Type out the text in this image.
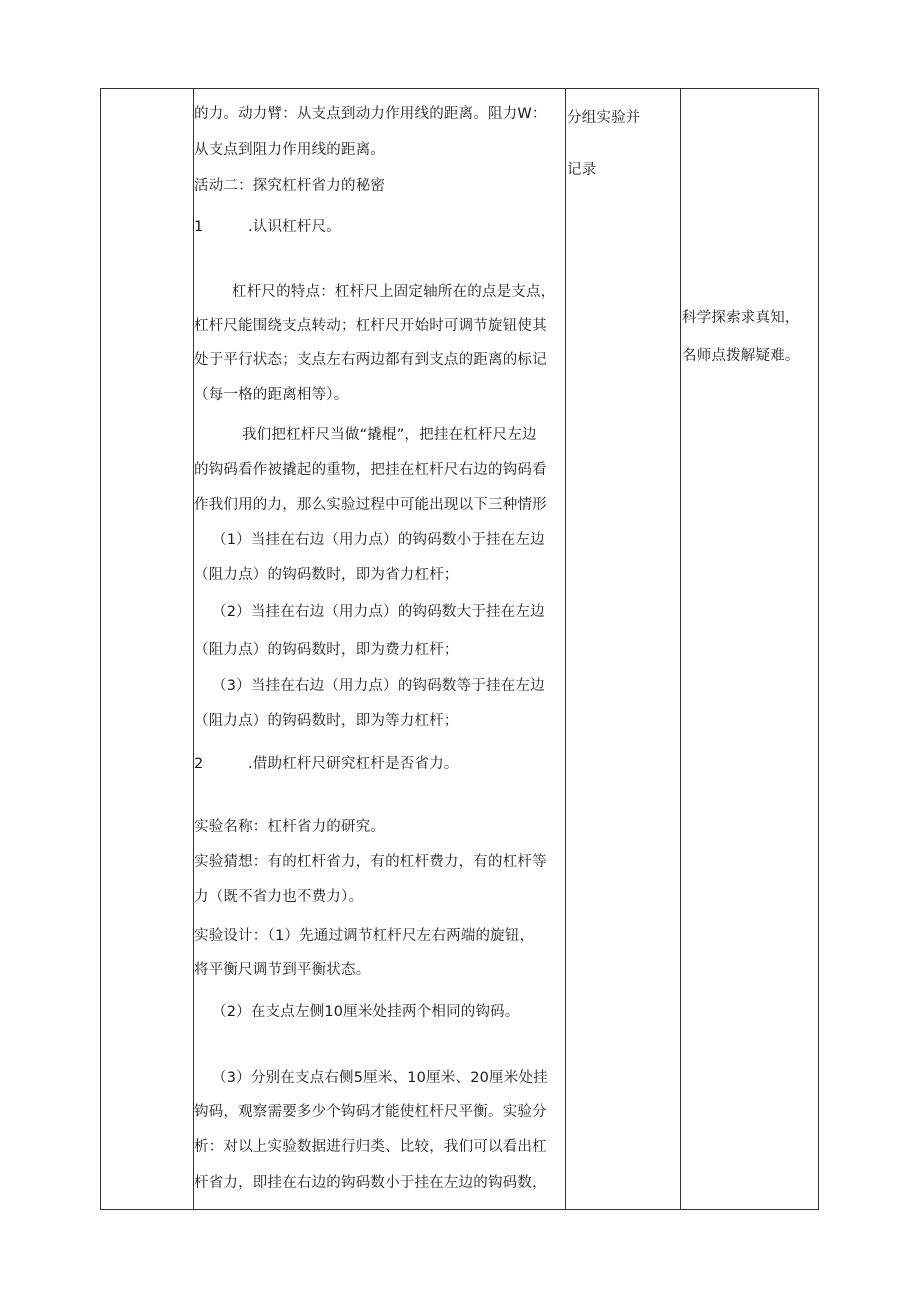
的力。动力臂：从支点到动力作用线的距离。阻力W：
从支点到阻力作用线的距离。
活动二：探究杠杆省力的秘密
1	.认识杠杆尺。
杠杆尺的特点：杠杆尺上固定轴所在的点是支点，
杠杆尺能围绕支点转动；杠杆尺开始时可调节旋钮使其
处于平行状态；支点左右两边都有到支点的距离的标记
（每一格的距离相等）。
我们把杠杆尺当做“撬棍”，把挂在杠杆尺左边
的钩码看作被撬起的重物，把挂在杠杆尺右边的钩码看
作我们用的力，那么实验过程中可能出现以下三种情形
（1）当挂在右边（用力点）的钩码数小于挂在左边
（阻力点）的钩码数时，即为省力杠杆；
（2）当挂在右边（用力点）的钩码数大于挂在左边
（阻力点）的钩码数时，即为费力杠杆；
（3）当挂在右边（用力点）的钩码数等于挂在左边
（阻力点）的钩码数时，即为等力杠杆；
2	.借助杠杆尺研究杠杆是否省力。
实验名称：杠杆省力的研究。
实验猜想：有的杠杆省力，有的杠杆费力，有的杠杆等
力（既不省力也不费力）。
实验设计：（1）先通过调节杠杆尺左右两端的旋钮，
将平衡尺调节到平衡状态。
（2）在支点左侧10厘米处挂两个相同的钩码。
（3）分别在支点右侧5厘米、10厘米、20厘米处挂
钩码，观察需要多少个钩码才能使杠杆尺平衡。实验分
析：对以上实验数据进行归类、比较，我们可以看出杠
杆省力，即挂在右边的钩码数小于挂在左边的钩码数，
分组实验并
记录
科学探索求真知，
名师点拨解疑难。
